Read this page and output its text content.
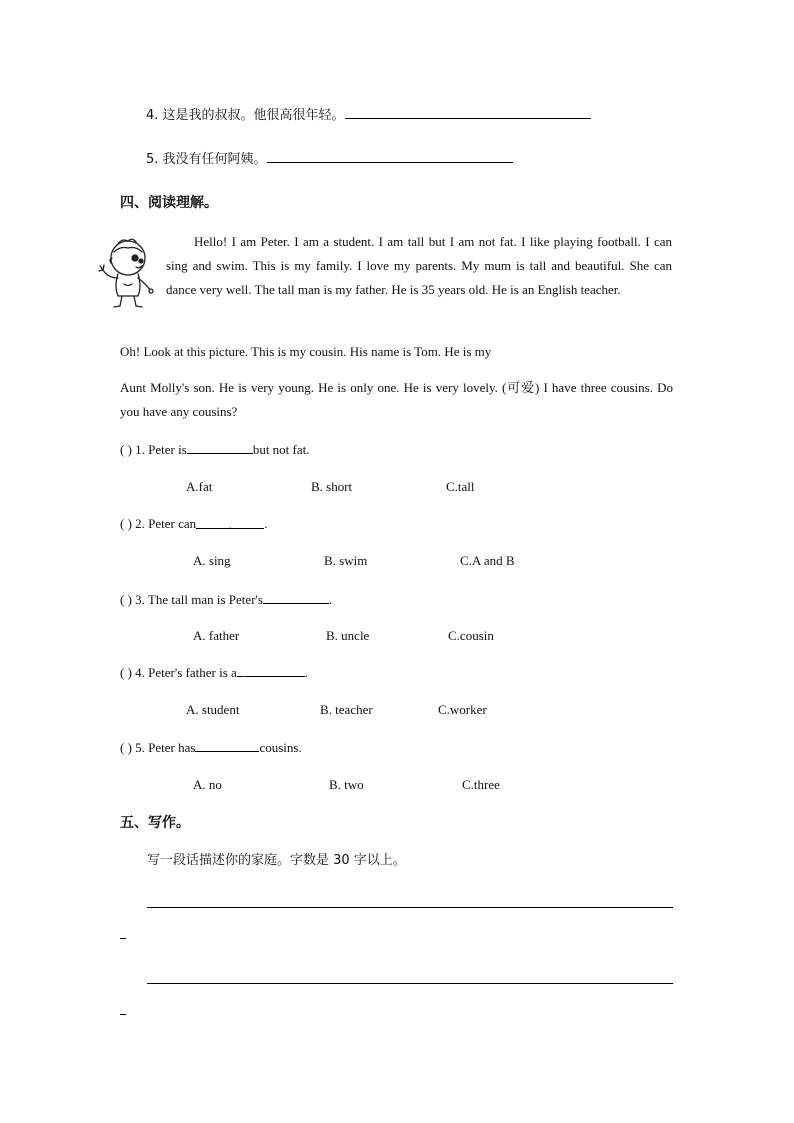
4. 这是我的叔叔。他很高很年轻。
5. 我没有任何阿姨。
四、阅读理解。
Hello! I am Peter. I am a student. I am tall but I am not fat. I like playing football. I can sing and swim. This is my family. I love my parents. My mum is tall and beautiful. She can dance very well. The tall man is my father. He is 35 years old. He is an English teacher.
Oh! Look at this picture. This is my cousin. His name is Tom. He is my
Aunt Molly's son. He is very young. He is only one. He is very lovely. (可爱) I have three cousins. Do you have any cousins?
( ) 1. Peter is	but not fat.
A.fat	B. short	C.tall
( ) 2. Peter can	.	.
A. sing	B. swim	C.A and B
( ) 3. The tall man is Peter's	.
A. father	B. uncle	C.cousin
( ) 4. Peter's father is a .	.
A. student	B. teacher	C.worker
( ) 5. Peter has	cousins.
A. no	B. two	C.three
五、写作。
写一段话描述你的家庭。字数是 30 字以上。
